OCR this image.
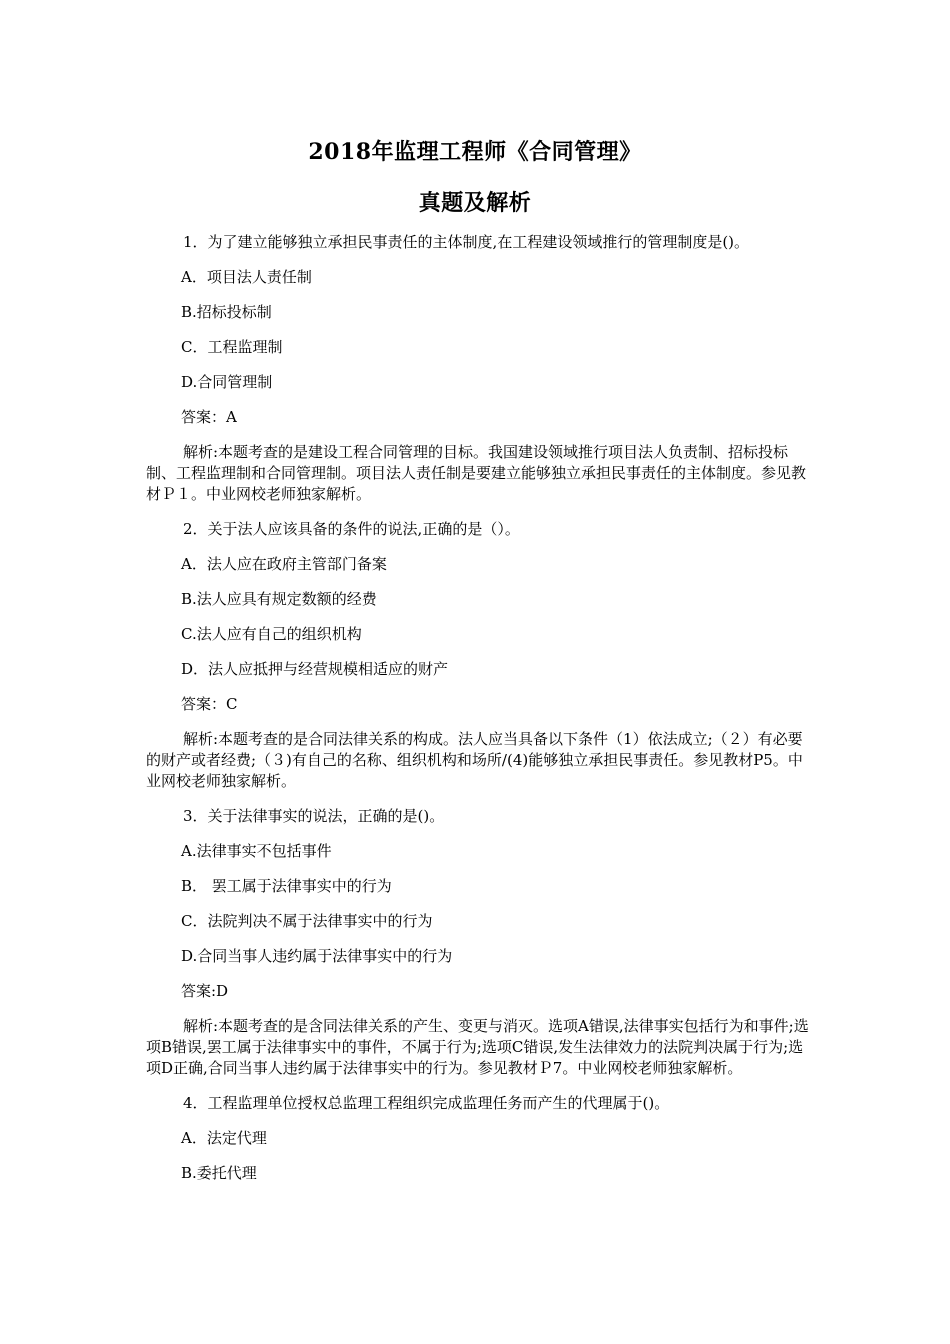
2018年监理工程师《合同管理》
真题及解析

1．为了建立能够独立承担民事责任的主体制度,在工程建设领域推行的管理制度是()。

A．项目法人责任制

B.招标投标制

C．工程监理制

D.合同管理制

答案：A

解析:本题考查的是建设工程合同管理的目标。我国建设领域推行项目法人负责制、招标投标制、工程监理制和合同管理制。项目法人责任制是要建立能够独立承担民事责任的主体制度。参见教材Ｐ１。中业网校老师独家解析。

2．关于法人应该具备的条件的说法,正确的是（）。

A．法人应在政府主管部门备案

B.法人应具有规定数额的经费

C.法人应有自己的组织机构

D．法人应抵押与经营规模相适应的财产

答案：C

解析:本题考查的是合同法律关系的构成。法人应当具备以下条件（1）依法成立;（２）有必要的财产或者经费;（３)有自己的名称、组织机构和场所/(4)能够独立承担民事责任。参见教材P5。中业网校老师独家解析。

3．关于法律事实的说法，正确的是()。

A.法律事实不包括事件

B． 罢工属于法律事实中的行为

C．法院判决不属于法律事实中的行为

D.合同当事人违约属于法律事实中的行为

答案:D

解析:本题考查的是含同法律关系的产生、变更与消灭。选项A错误,法律事实包括行为和事件;选项B错误,罢工属于法律事实中的事件，不属于行为;选项C错误,发生法律效力的法院判决属于行为;选项D正确,合同当事人违约属于法律事实中的行为。参见教材Ｐ7。中业网校老师独家解析。

4．工程监理单位授权总监理工程组织完成监理任务而产生的代理属于()。

A．法定代理

B.委托代理
